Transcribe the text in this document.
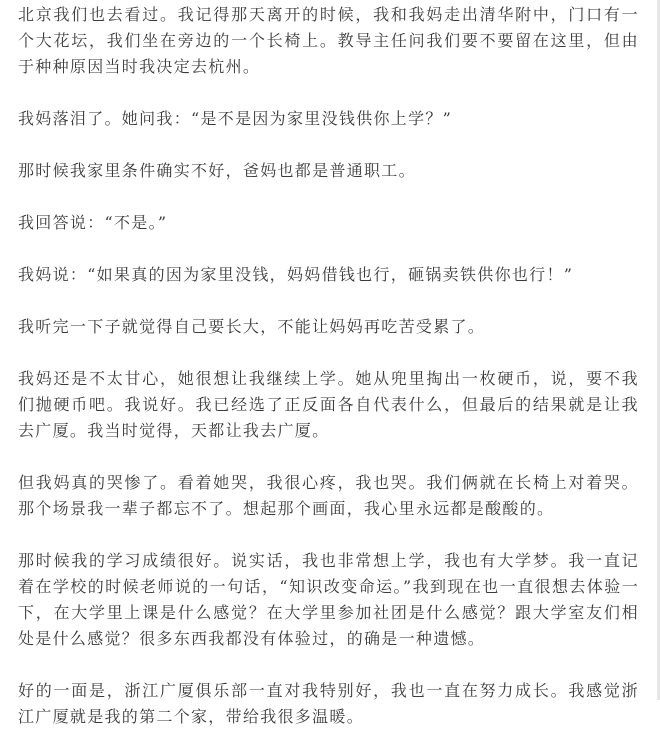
北京我们也去看过。我记得那天离开的时候，我和我妈走出清华附中，门口有一个大花坛，我们坐在旁边的一个长椅上。教导主任问我们要不要留在这里，但由于种种原因当时我决定去杭州。

我妈落泪了。她问我：“是不是因为家里没钱供你上学？”

那时候我家里条件确实不好，爸妈也都是普通职工。

我回答说：“不是。”

我妈说：“如果真的因为家里没钱，妈妈借钱也行，砸锅卖铁供你也行！”

我听完一下子就觉得自己要长大，不能让妈妈再吃苦受累了。

我妈还是不太甘心，她很想让我继续上学。她从兜里掏出一枚硬币，说，要不我们抛硬币吧。我说好。我已经选了正反面各自代表什么，但最后的结果就是让我去广厦。我当时觉得，天都让我去广厦。

但我妈真的哭惨了。看着她哭，我很心疼，我也哭。我们俩就在长椅上对着哭。那个场景我一辈子都忘不了。想起那个画面，我心里永远都是酸酸的。

那时候我的学习成绩很好。说实话，我也非常想上学，我也有大学梦。我一直记着在学校的时候老师说的一句话，“知识改变命运。”我到现在也一直很想去体验一下，在大学里上课是什么感觉？在大学里参加社团是什么感觉？跟大学室友们相处是什么感觉？很多东西我都没有体验过，的确是一种遗憾。

好的一面是，浙江广厦俱乐部一直对我特别好，我也一直在努力成长。我感觉浙江广厦就是我的第二个家，带给我很多温暖。
